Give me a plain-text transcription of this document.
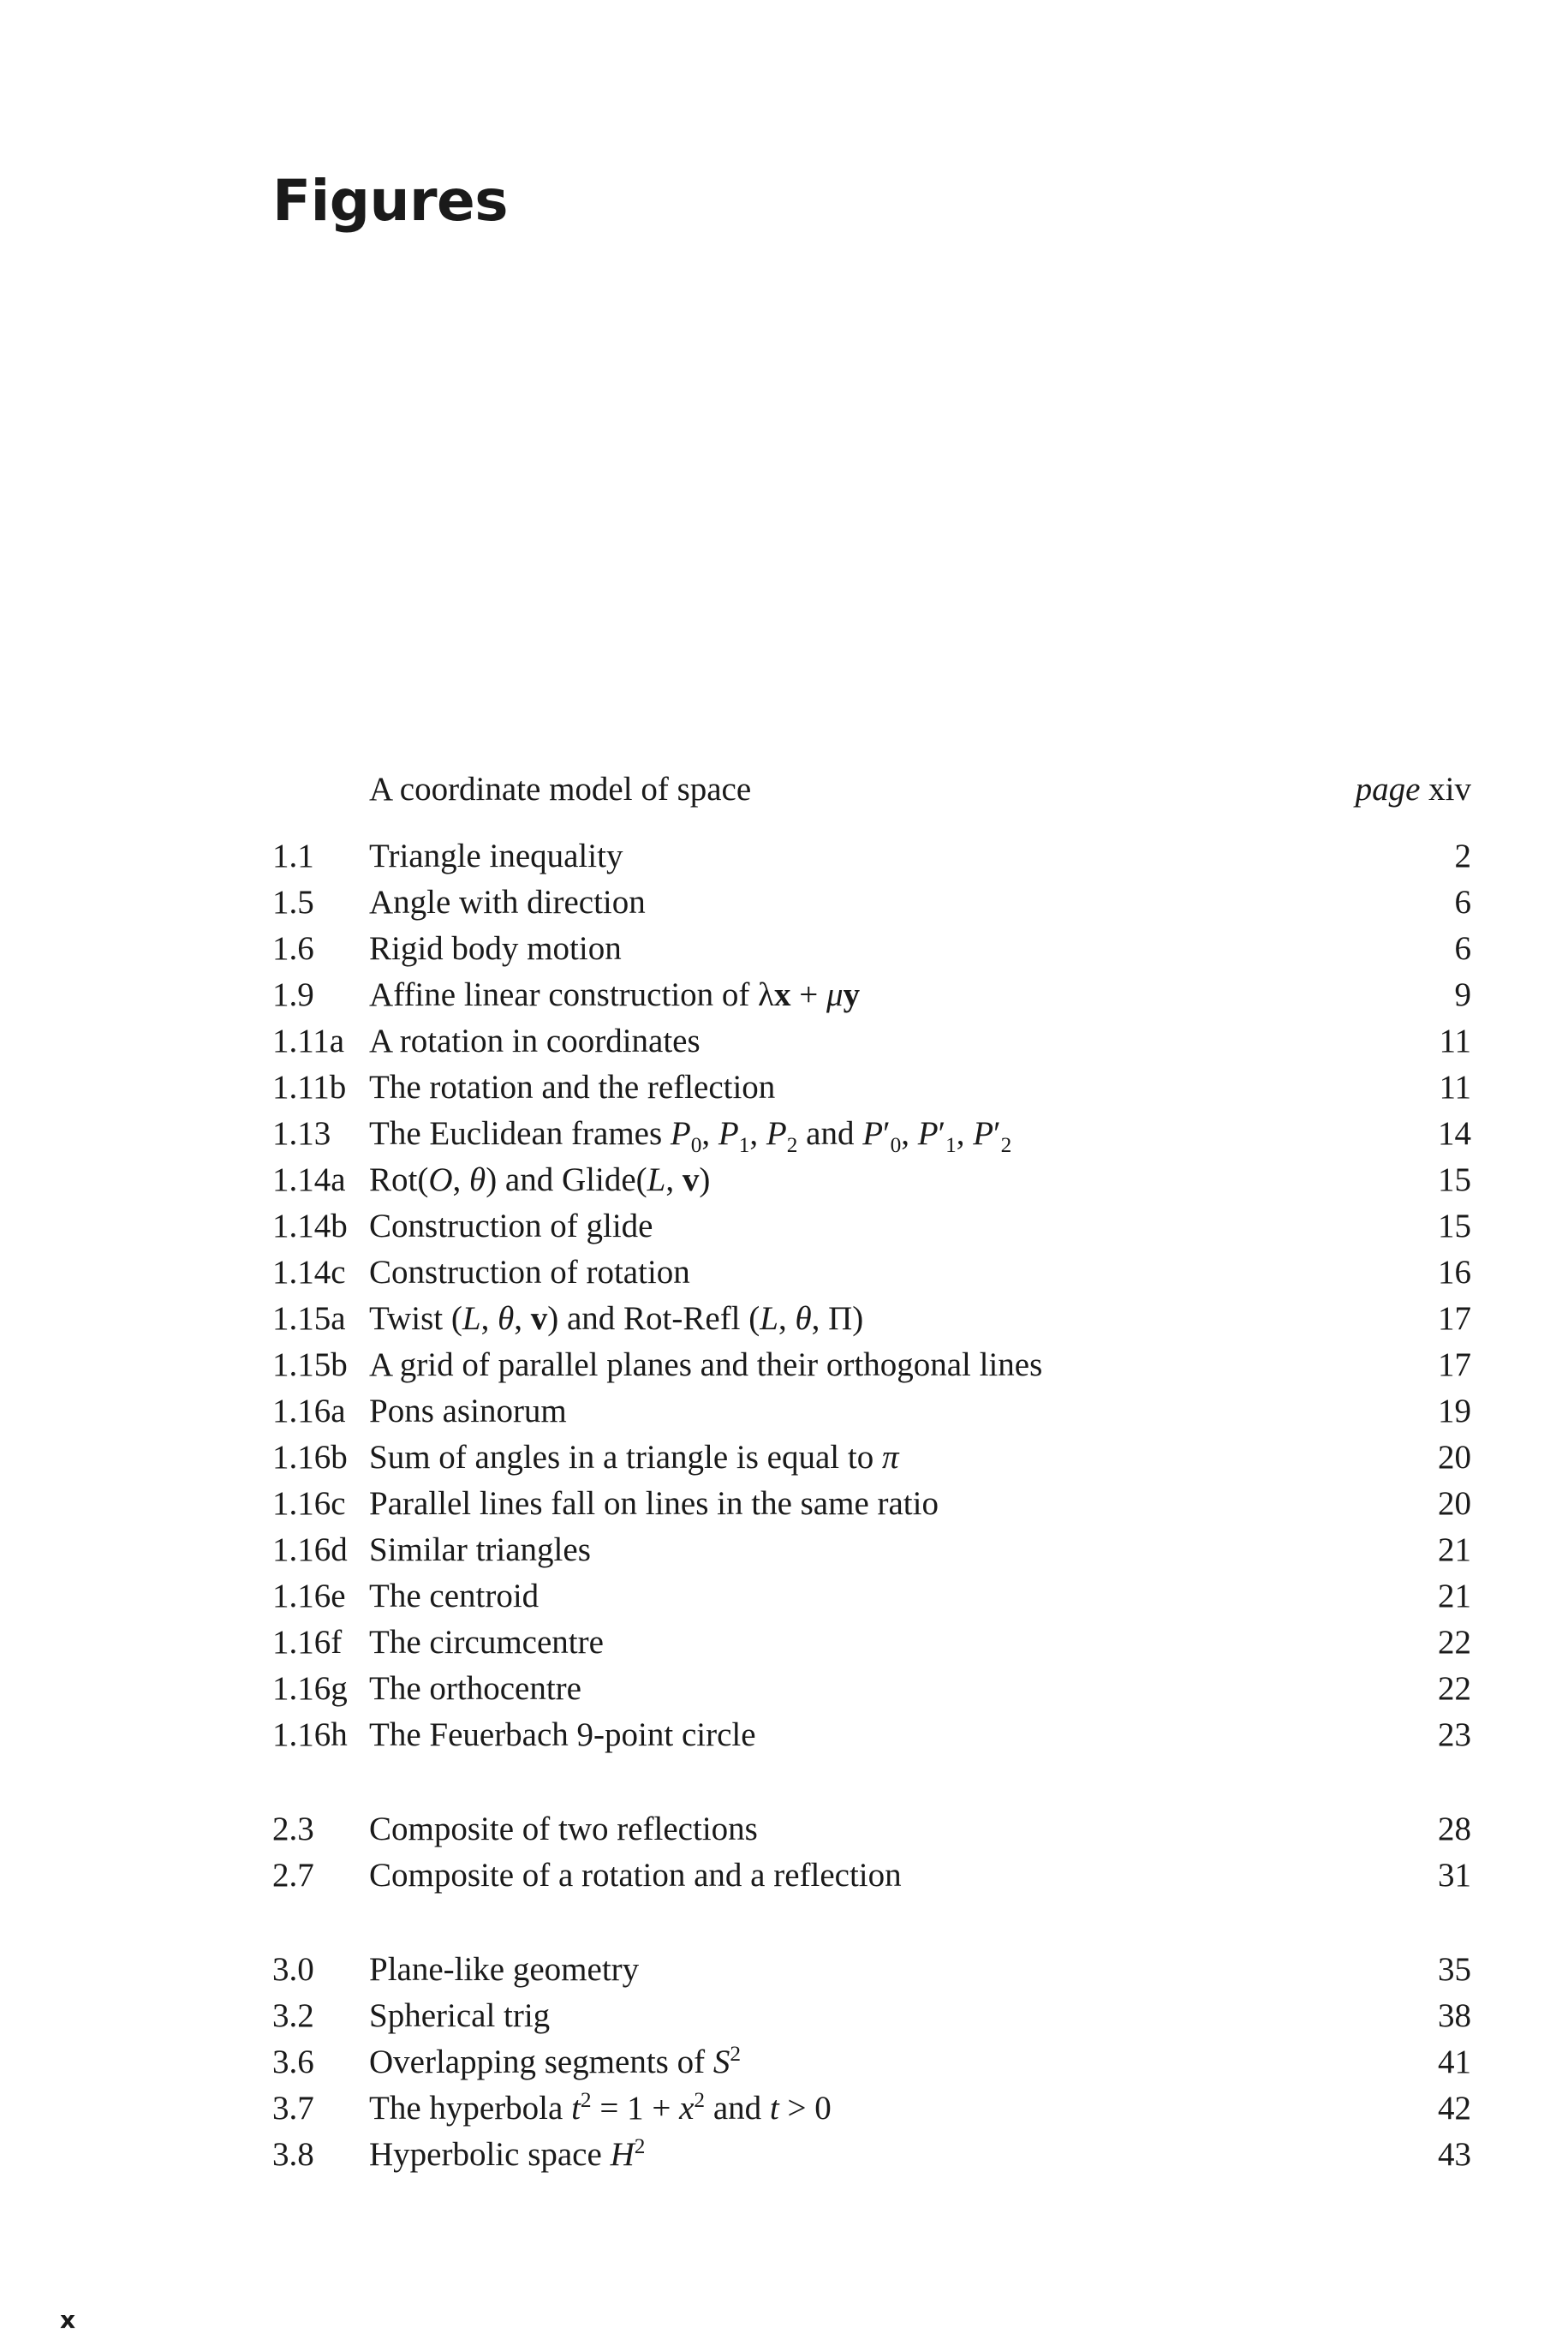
Figures
A coordinate model of space	page xiv
1.1 Triangle inequality	2
1.5 Angle with direction	6
1.6 Rigid body motion	6
1.9 Affine linear construction of λx + μy	9
1.11a A rotation in coordinates	11
1.11b The rotation and the reflection	11
1.13 The Euclidean frames $P_0$, $P_1$, $P_2$ and $P'_0$, $P'_1$, $P'_2$	14
1.14a Rot(O, θ) and Glide(L, v)	15
1.14b Construction of glide	15
1.14c Construction of rotation	16
1.15a Twist (L, θ, v) and Rot-Refl (L, θ, Π)	17
1.15b A grid of parallel planes and their orthogonal lines	17
1.16a Pons asinorum	19
1.16b Sum of angles in a triangle is equal to π	20
1.16c Parallel lines fall on lines in the same ratio	20
1.16d Similar triangles	21
1.16e The centroid	21
1.16f The circumcentre	22
1.16g The orthocentre	22
1.16h The Feuerbach 9-point circle	23
2.3 Composite of two reflections	28
2.7 Composite of a rotation and a reflection	31
3.0 Plane-like geometry	35
3.2 Spherical trig	38
3.6 Overlapping segments of $S^2$	41
3.7 The hyperbola $t^2 = 1 + x^2$ and t > 0	42
3.8 Hyperbolic space $H^2$	43
x
